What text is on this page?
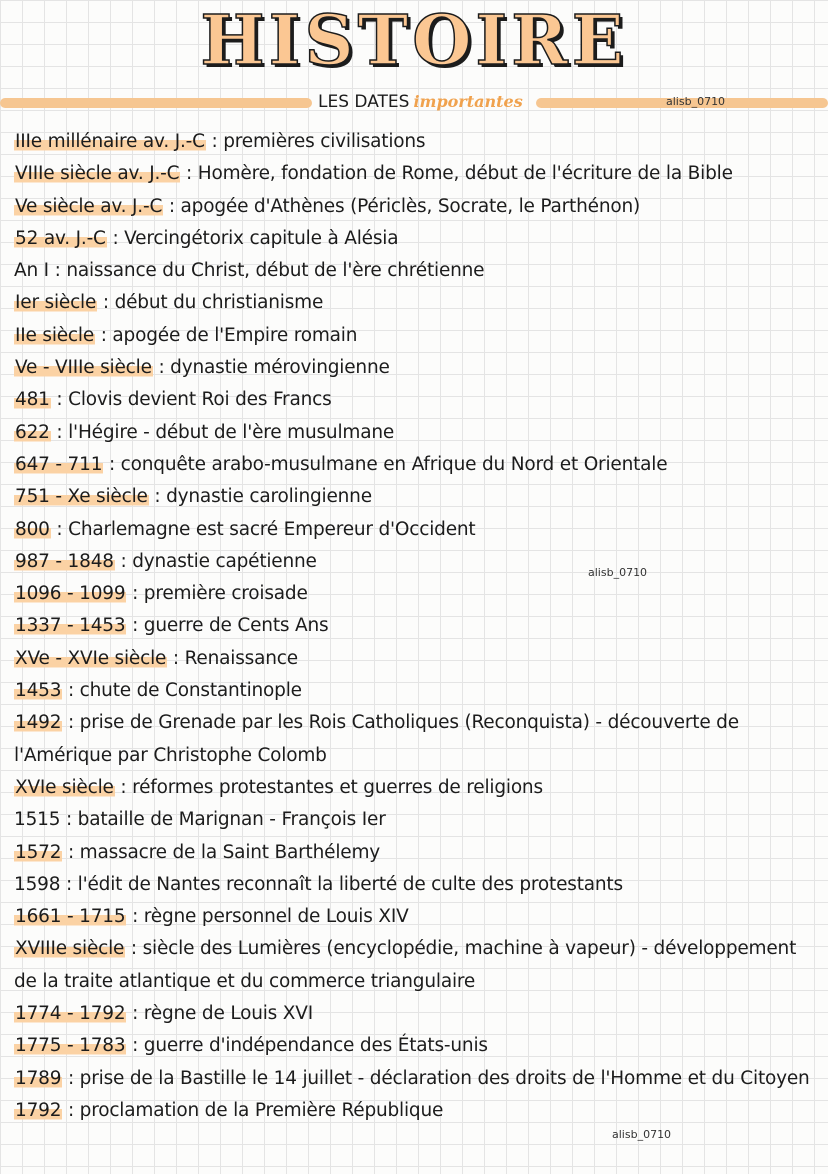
HISTOIRE
LES DATES importantes	alisb_0710
alisb_0710
alisb_0710
IIIe millénaire av. J.-C : premières civilisations
VIIIe siècle av. J.-C : Homère, fondation de Rome, début de l'écriture de la Bible
Ve siècle av. J.-C : apogée d'Athènes (Périclès, Socrate, le Parthénon)
52 av. J.-C : Vercingétorix capitule à Alésia
An I : naissance du Christ, début de l'ère chrétienne
Ier siècle : début du christianisme
IIe siècle : apogée de l'Empire romain
Ve - VIIIe siècle : dynastie mérovingienne
481 : Clovis devient Roi des Francs
622 : l'Hégire - début de l'ère musulmane
647 - 711 : conquête arabo-musulmane en Afrique du Nord et Orientale
751 - Xe siècle : dynastie carolingienne
800 : Charlemagne est sacré Empereur d'Occident
987 - 1848 : dynastie capétienne
1096 - 1099 : première croisade
1337 - 1453 : guerre de Cents Ans
XVe - XVIe siècle : Renaissance
1453 : chute de Constantinople
1492 : prise de Grenade par les Rois Catholiques (Reconquista) - découverte de l'Amérique par Christophe Colomb
XVIe siècle : réformes protestantes et guerres de religions
1515 : bataille de Marignan - François Ier
1572 : massacre de la Saint Barthélemy
1598 : l'édit de Nantes reconnaît la liberté de culte des protestants
1661 - 1715 : règne personnel de Louis XIV
XVIIIe siècle : siècle des Lumières (encyclopédie, machine à vapeur) - développement de la traite atlantique et du commerce triangulaire
1774 - 1792 : règne de Louis XVI
1775 - 1783 : guerre d'indépendance des États-unis
1789 : prise de la Bastille le 14 juillet - déclaration des droits de l'Homme et du Citoyen
1792 : proclamation de la Première République
